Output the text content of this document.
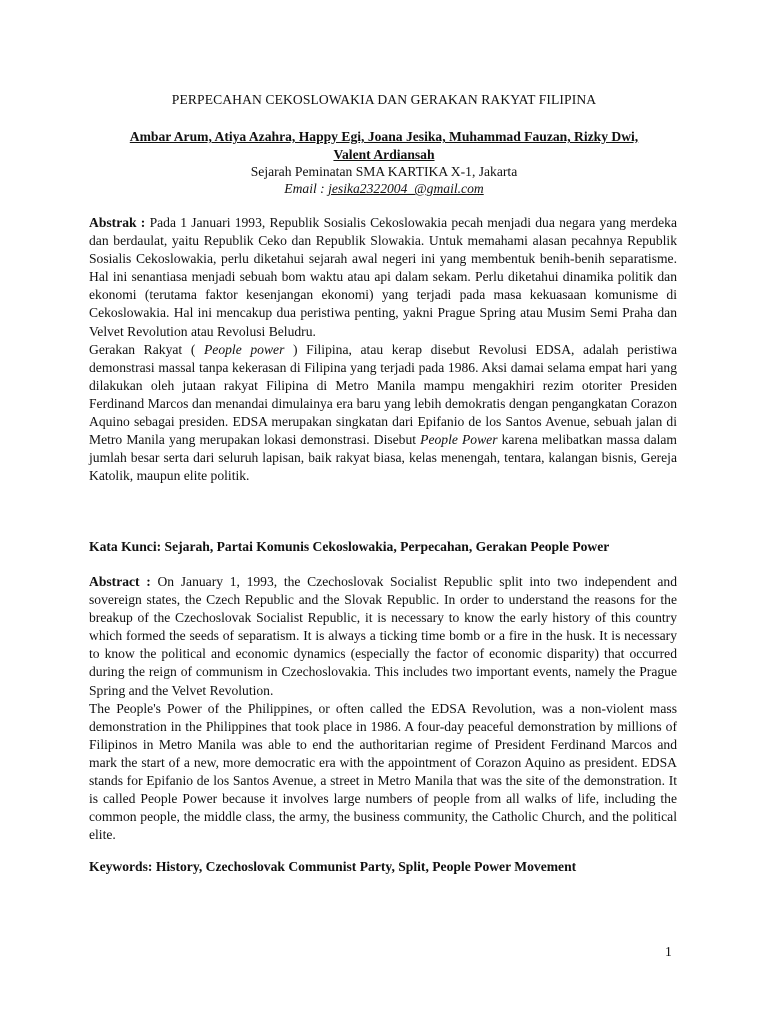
PERPECAHAN CEKOSLOWAKIA DAN GERAKAN RAKYAT FILIPINA
Ambar Arum, Atiya Azahra, Happy Egi, Joana Jesika, Muhammad Fauzan, Rizky Dwi,
Valent Ardiansah
Sejarah Peminatan SMA KARTIKA X-1, Jakarta
Email : jesika2322004_@gmail.com

Abstrak : Pada 1 Januari 1993, Republik Sosialis Cekoslowakia pecah menjadi dua negara yang merdeka dan berdaulat, yaitu Republik Ceko dan Republik Slowakia. Untuk memahami alasan pecahnya Republik Sosialis Cekoslowakia, perlu diketahui sejarah awal negeri ini yang membentuk benih-benih separatisme. Hal ini senantiasa menjadi sebuah bom waktu atau api dalam sekam. Perlu diketahui dinamika politik dan ekonomi (terutama faktor kesenjangan ekonomi) yang terjadi pada masa kekuasaan komunisme di Cekoslowakia. Hal ini mencakup dua peristiwa penting, yakni Prague Spring atau Musim Semi Praha dan Velvet Revolution atau Revolusi Beludru.

Gerakan Rakyat ( People power ) Filipina, atau kerap disebut Revolusi EDSA, adalah peristiwa demonstrasi massal tanpa kekerasan di Filipina yang terjadi pada 1986. Aksi damai selama empat hari yang dilakukan oleh jutaan rakyat Filipina di Metro Manila mampu mengakhiri rezim otoriter Presiden Ferdinand Marcos dan menandai dimulainya era baru yang lebih demokratis dengan pengangkatan Corazon Aquino sebagai presiden. EDSA merupakan singkatan dari Epifanio de los Santos Avenue, sebuah jalan di Metro Manila yang merupakan lokasi demonstrasi. Disebut People Power karena melibatkan massa dalam jumlah besar serta dari seluruh lapisan, baik rakyat biasa, kelas menengah, tentara, kalangan bisnis, Gereja Katolik, maupun elite politik.

Kata Kunci: Sejarah, Partai Komunis Cekoslowakia, Perpecahan, Gerakan People Power

Abstract : On January 1, 1993, the Czechoslovak Socialist Republic split into two independent and sovereign states, the Czech Republic and the Slovak Republic. In order to understand the reasons for the breakup of the Czechoslovak Socialist Republic, it is necessary to know the early history of this country which formed the seeds of separatism. It is always a ticking time bomb or a fire in the husk. It is necessary to know the political and economic dynamics (especially the factor of economic disparity) that occurred during the reign of communism in Czechoslovakia. This includes two important events, namely the Prague Spring and the Velvet Revolution.

The People's Power of the Philippines, or often called the EDSA Revolution, was a non-violent mass demonstration in the Philippines that took place in 1986. A four-day peaceful demonstration by millions of Filipinos in Metro Manila was able to end the authoritarian regime of President Ferdinand Marcos and mark the start of a new, more democratic era with the appointment of Corazon Aquino as president. EDSA stands for Epifanio de los Santos Avenue, a street in Metro Manila that was the site of the demonstration. It is called People Power because it involves large numbers of people from all walks of life, including the common people, the middle class, the army, the business community, the Catholic Church, and the political elite.

Keywords: History, Czechoslovak Communist Party, Split, People Power Movement
1
